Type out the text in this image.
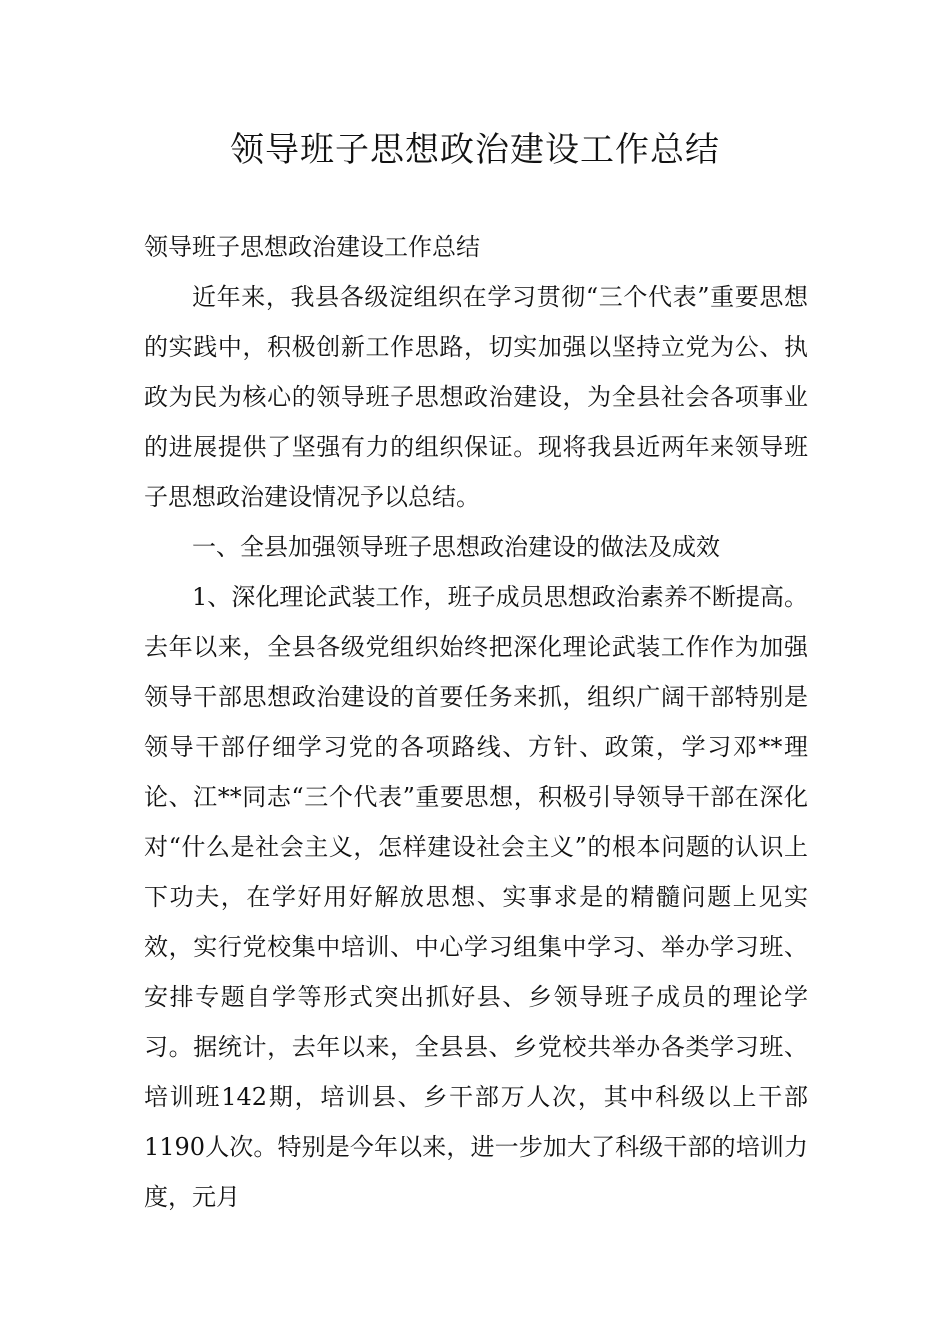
领导班子思想政治建设工作总结

领导班子思想政治建设工作总结

近年来，我县各级淀组织在学习贯彻“三个代表”重要思想的实践中，积极创新工作思路，切实加强以坚持立党为公、执政为民为核心的领导班子思想政治建设，为全县社会各项事业的进展提供了坚强有力的组织保证。现将我县近两年来领导班子思想政治建设情况予以总结。

一、全县加强领导班子思想政治建设的做法及成效

1、深化理论武装工作，班子成员思想政治素养不断提高。去年以来，全县各级党组织始终把深化理论武装工作作为加强领导干部思想政治建设的首要任务来抓，组织广阔干部特别是领导干部仔细学习党的各项路线、方针、政策，学习邓**理论、江**同志“三个代表”重要思想，积极引导领导干部在深化对“什么是社会主义，怎样建设社会主义”的根本问题的认识上下功夫，在学好用好解放思想、实事求是的精髓问题上见实效，实行党校集中培训、中心学习组集中学习、举办学习班、安排专题自学等形式突出抓好县、乡领导班子成员的理论学习。据统计，去年以来，全县县、乡党校共举办各类学习班、培训班142期，培训县、乡干部万人次，其中科级以上干部1190人次。特别是今年以来，进一步加大了科级干部的培训力度，元月
